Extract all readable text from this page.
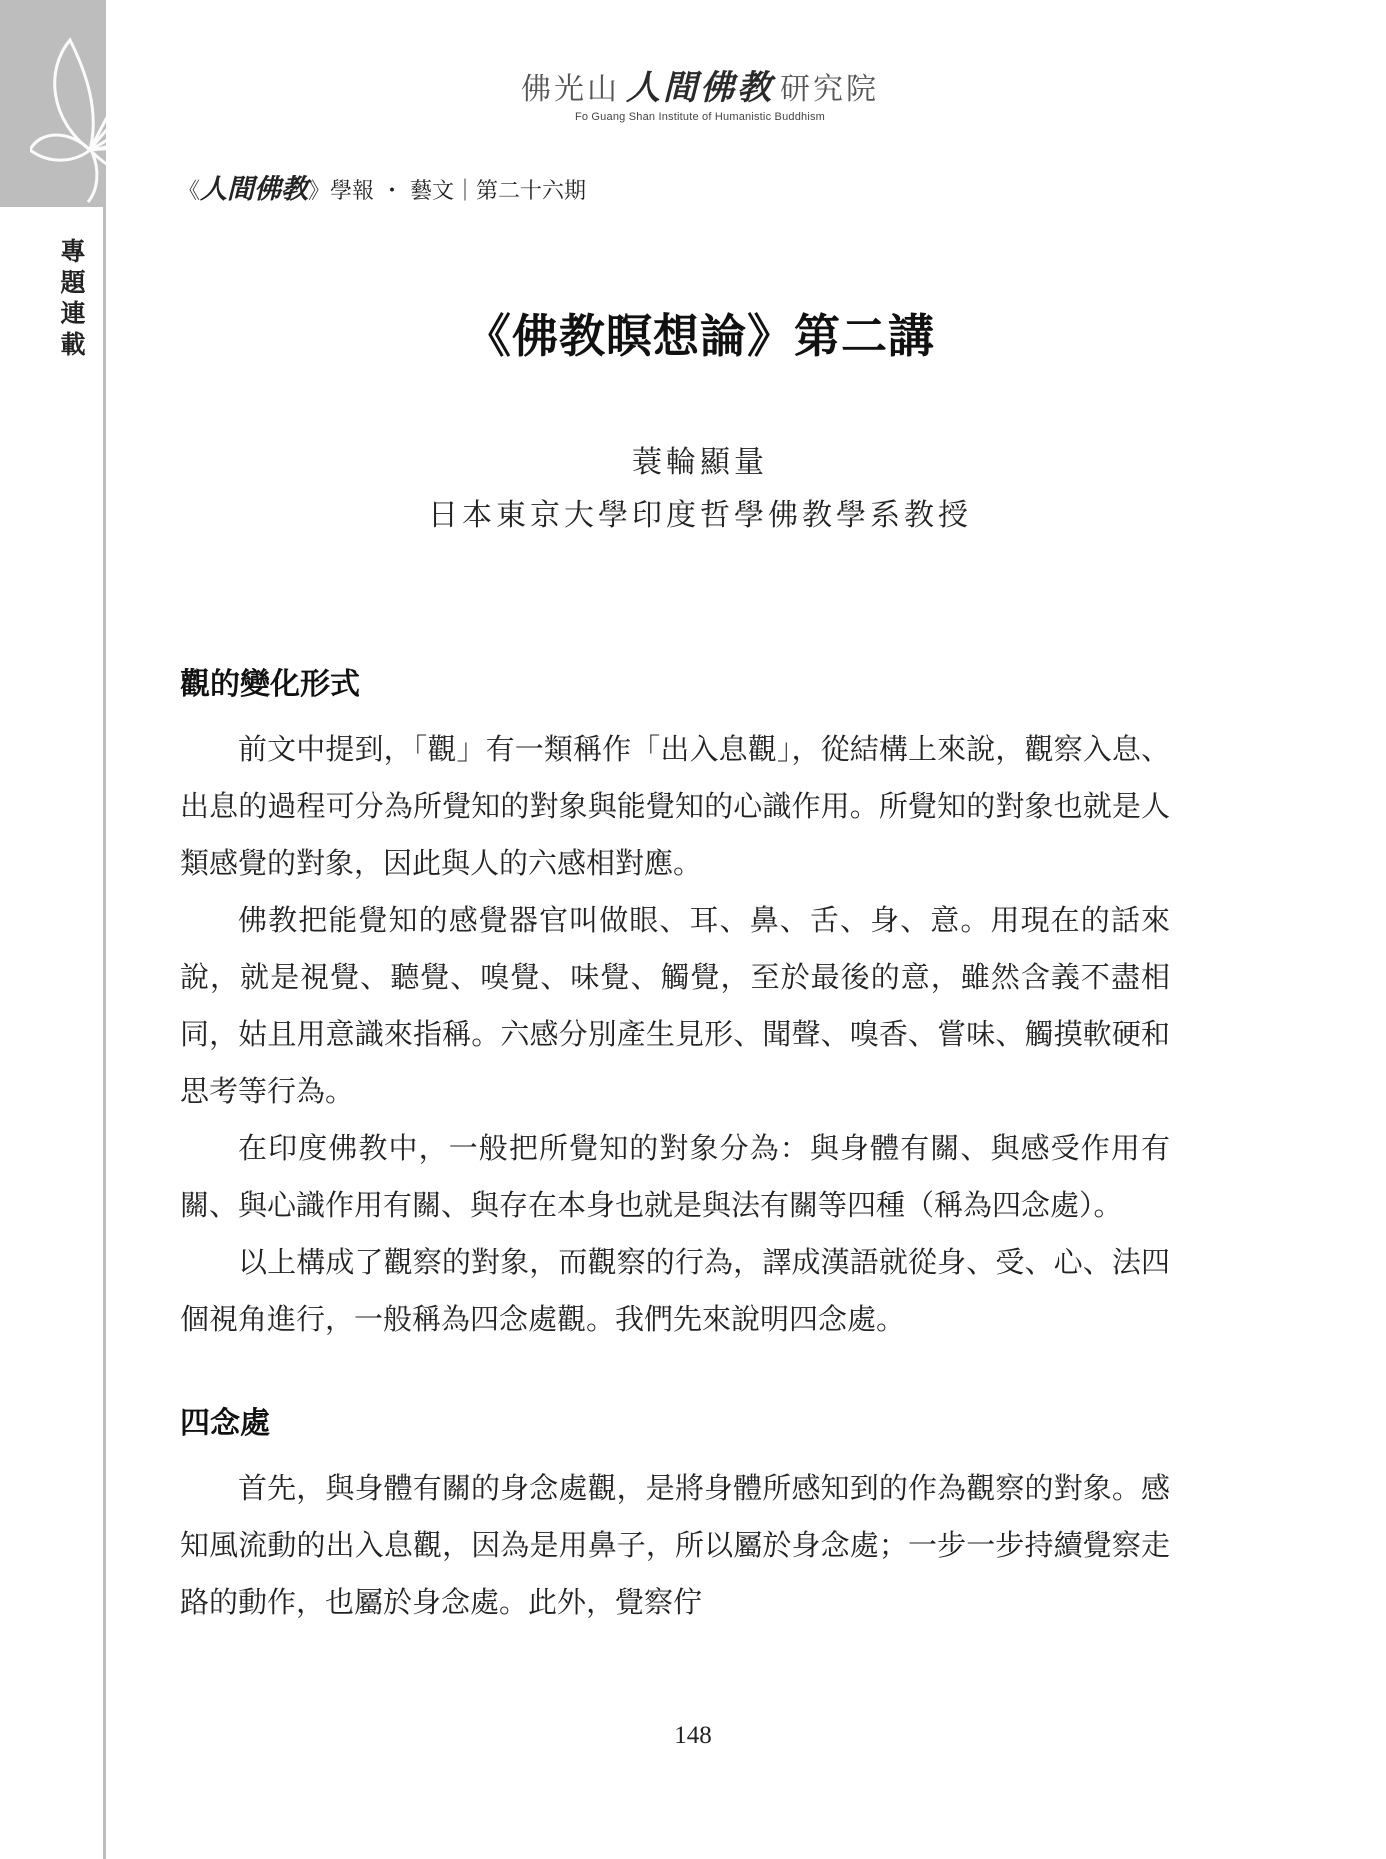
專
題
連
載
佛光山 人間佛教 研究院
Fo Guang Shan Institute of Humanistic Buddhism
《人間佛教》學報 ・ 藝文｜第二十六期
《佛教瞑想論》第二講
蓑輪顯量
日本東京大學印度哲學佛教學系教授
觀的變化形式

前文中提到，「觀」有一類稱作「出入息觀」，從結構上來說，觀察入息、出息的過程可分為所覺知的對象與能覺知的心識作用。所覺知的對象也就是人類感覺的對象，因此與人的六感相對應。

佛教把能覺知的感覺器官叫做眼、耳、鼻、舌、身、意。用現在的話來說，就是視覺、聽覺、嗅覺、味覺、觸覺，至於最後的意，雖然含義不盡相同，姑且用意識來指稱。六感分別產生見形、聞聲、嗅香、嘗味、觸摸軟硬和思考等行為。

在印度佛教中，一般把所覺知的對象分為：與身體有關、與感受作用有關、與心識作用有關、與存在本身也就是與法有關等四種（稱為四念處）。

以上構成了觀察的對象，而觀察的行為，譯成漢語就從身、受、心、法四個視角進行，一般稱為四念處觀。我們先來說明四念處。

四念處

首先，與身體有關的身念處觀，是將身體所感知到的作為觀察的對象。感知風流動的出入息觀，因為是用鼻子，所以屬於身念處；一步一步持續覺察走路的動作，也屬於身念處。此外，覺察佇

148
